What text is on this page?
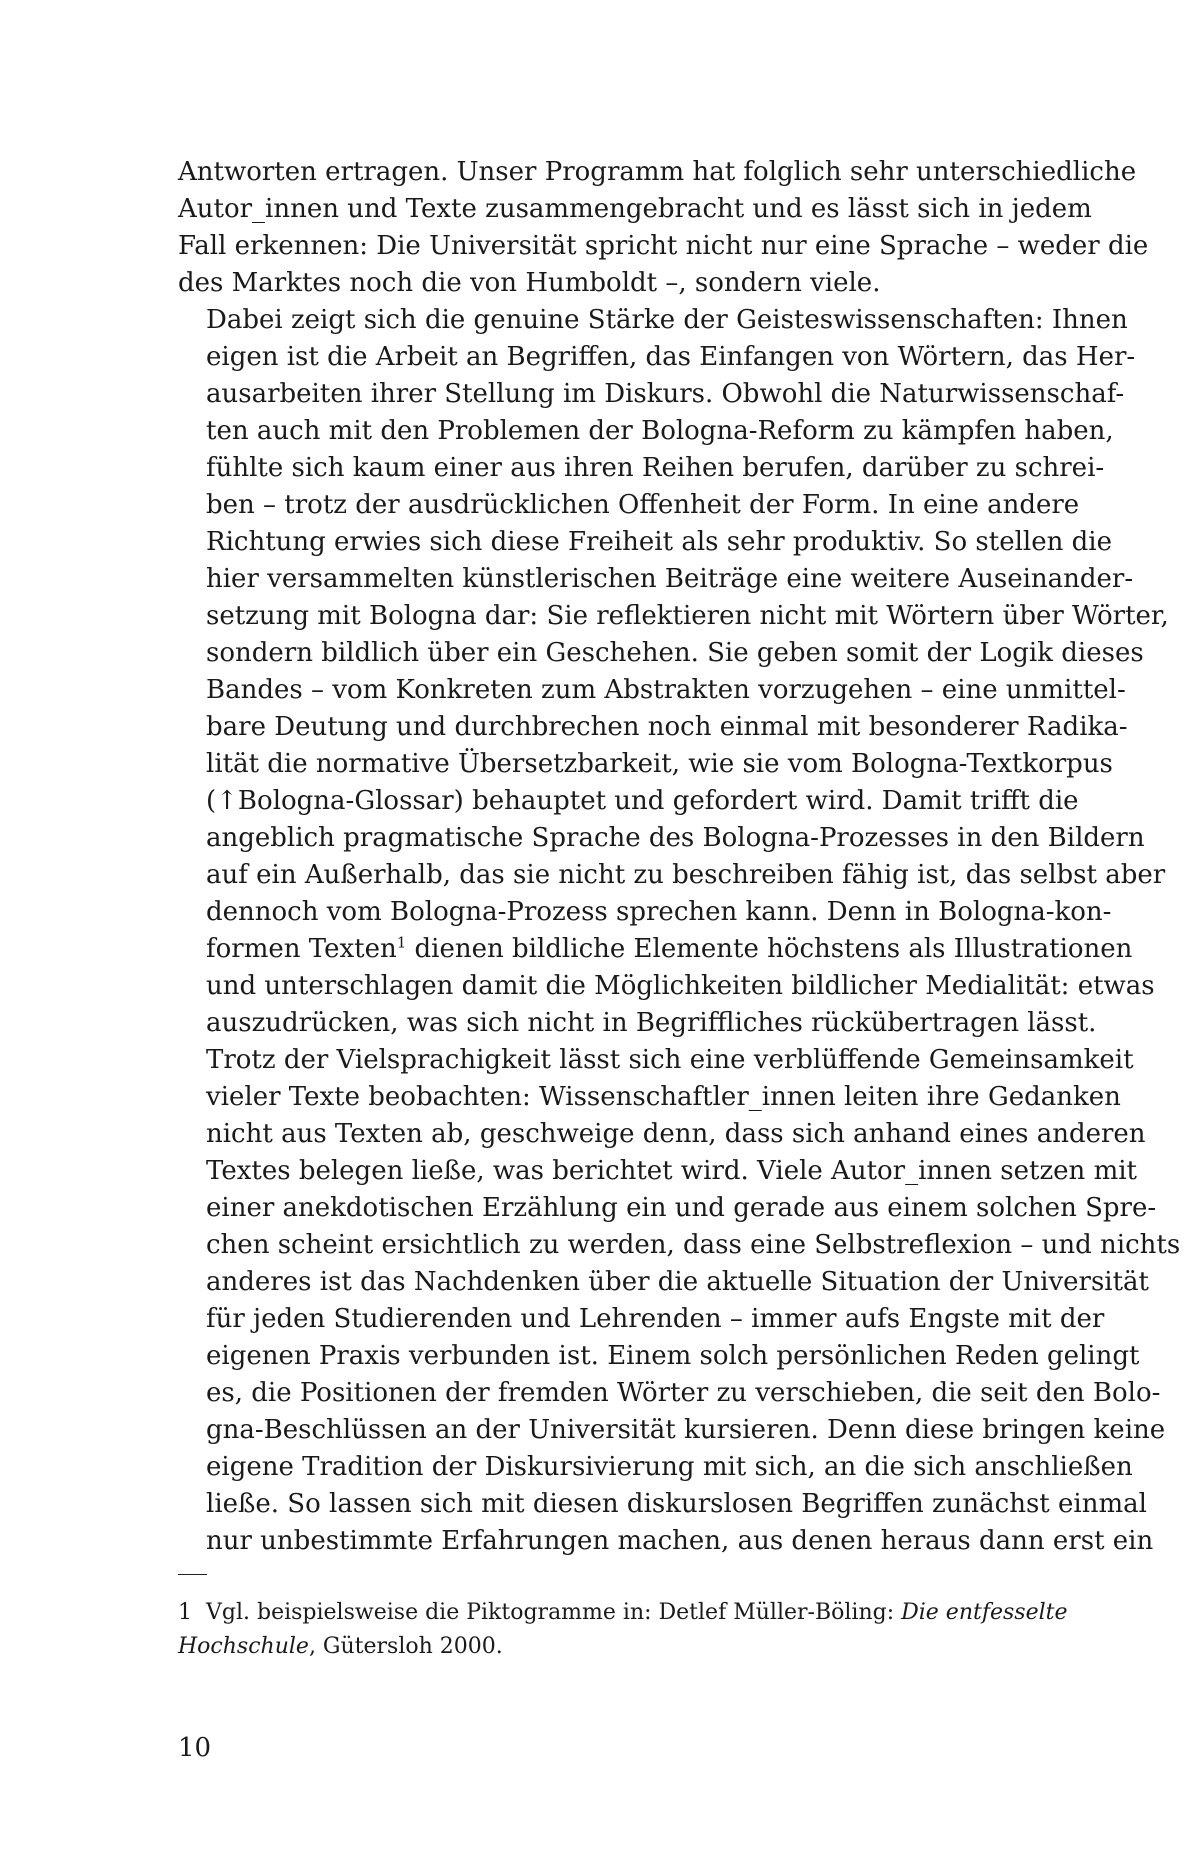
Antworten ertragen. Unser Programm hat folglich sehr unterschiedliche
Autor_innen und Texte zusammengebracht und es lässt sich in jedem
Fall erkennen: Die Universität spricht nicht nur eine Sprache – weder die
des Marktes noch die von Humboldt –, sondern viele.

Dabei zeigt sich die genuine Stärke der Geisteswissenschaften: Ihnen
eigen ist die Arbeit an Begriffen, das Einfangen von Wörtern, das Her-
ausarbeiten ihrer Stellung im Diskurs. Obwohl die Naturwissenschaf-
ten auch mit den Problemen der Bologna-Reform zu kämpfen haben,
fühlte sich kaum einer aus ihren Reihen berufen, darüber zu schrei-
ben – trotz der ausdrücklichen Offenheit der Form. In eine andere
Richtung erwies sich diese Freiheit als sehr produktiv. So stellen die
hier versammelten künstlerischen Beiträge eine weitere Auseinander-
setzung mit Bologna dar: Sie reflektieren nicht mit Wörtern über Wörter,
sondern bildlich über ein Geschehen. Sie geben somit der Logik dieses
Bandes – vom Konkreten zum Abstrakten vorzugehen – eine unmittel-
bare Deutung und durchbrechen noch einmal mit besonderer Radika-
lität die normative Übersetzbarkeit, wie sie vom Bologna-Textkorpus
(↑Bologna-Glossar) behauptet und gefordert wird. Damit trifft die
angeblich pragmatische Sprache des Bologna-Prozesses in den Bildern
auf ein Außerhalb, das sie nicht zu beschreiben fähig ist, das selbst aber
dennoch vom Bologna-Prozess sprechen kann. Denn in Bologna-kon-
formen Texten$^1$ dienen bildliche Elemente höchstens als Illustrationen
und unterschlagen damit die Möglichkeiten bildlicher Medialität: etwas
auszudrücken, was sich nicht in Begriffliches rückübertragen lässt.

Trotz der Vielsprachigkeit lässt sich eine verblüffende Gemeinsamkeit
vieler Texte beobachten: Wissenschaftler_innen leiten ihre Gedanken
nicht aus Texten ab, geschweige denn, dass sich anhand eines anderen
Textes belegen ließe, was berichtet wird. Viele Autor_innen setzen mit
einer anekdotischen Erzählung ein und gerade aus einem solchen Spre-
chen scheint ersichtlich zu werden, dass eine Selbstreflexion – und nichts
anderes ist das Nachdenken über die aktuelle Situation der Universität
für jeden Studierenden und Lehrenden – immer aufs Engste mit der
eigenen Praxis verbunden ist. Einem solch persönlichen Reden gelingt
es, die Positionen der fremden Wörter zu verschieben, die seit den Bolo-
gna-Beschlüssen an der Universität kursieren. Denn diese bringen keine
eigene Tradition der Diskursivierung mit sich, an die sich anschließen
ließe. So lassen sich mit diesen diskurslosen Begriffen zunächst einmal
nur unbestimmte Erfahrungen machen, aus denen heraus dann erst ein

1 Vgl. beispielsweise die Piktogramme in: Detlef Müller-Böling: Die entfesselte
Hochschule, Gütersloh 2000.
10
